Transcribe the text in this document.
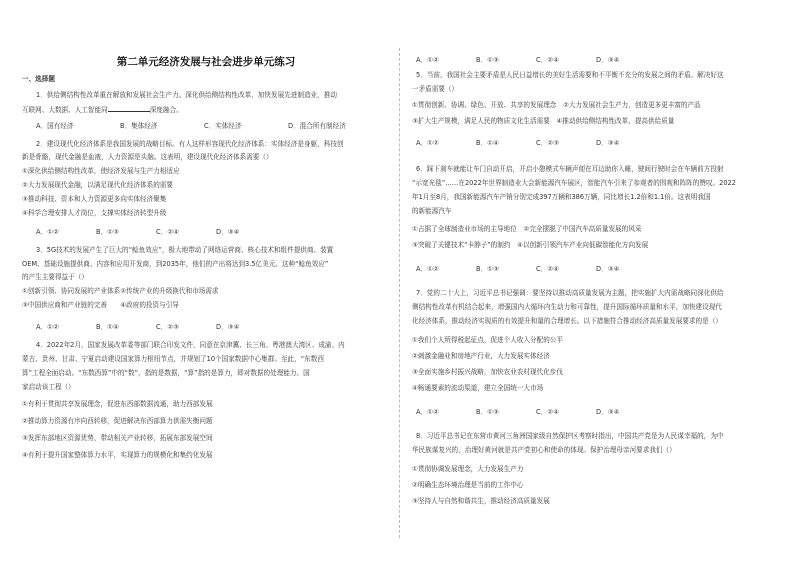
第二单元经济发展与社会进步单元练习
一、选择题
1．供给侧结构性改革重在解放和发展社会生产力。深化供给侧结构性改革，加快发展先进制造业，推动
互联网、大数据、人工智能同	深度融合。
A．国有经济	B．集体经济	C．实体经济	D．混合所有制经济
2．建设现代化经济体系是我国发展的战略目标。有人这样形容现代化经济体系：实体经济是身躯，科技创
新是骨骼，现代金融是血液，人力资源是头脑。这表明，建设现代化经济体系需要（）
①深化供给侧结构性改革，使经济发展与生产力相适应
②大力发展现代金融，以满足现代化经济体系的需要
③推动科技、资本和人力资源更多向实体经济聚集
④科学合理安排人才岗位，支撑实体经济转型升级
A．①②	B．①③	C．②④	D．③④
3．5G技术的发展产生了巨大的“鲶鱼效应”，极大地带动了网络运营商、核心技术和组件提供商、装置
OEM、基础设施提供商、内容和应用开发商，到2035年，他们的产出将达到3.5亿美元。这种“鲶鱼效应”
的产生主要得益于（）
①创新引领、协同发展的产业体系②传统产业的升级换代和市场需求
③中国供应商和产业链的完善　　④政府的投资与引导
A．①②	B．①④	C．②③	D．③④
4．2022年2月，国家发展改革委等部门联合印发文件，同意在京津冀、长三角、粤港澳大湾区、成渝、内
蒙古、贵州、甘肃、宁夏启动建设国家算力枢纽节点，并规划了10个国家数据中心集群。至此，“东数西
算”工程全面启动。“东数西算”中的“数”，指的是数据，“算”指的是算力，即对数据的处理能力。国
家启动该工程（）
①有利于贯彻共享发展理念，促进东西部数据流通，助力西部发展
②推动算力资源有序向西转移，促进解决东西部算力供需失衡问题
③发挥东部地区资源优势，带动相关产业转移，拓展东部发展空间
④有利于提升国家整体算力水平，实现算力的规模化和集约化发展
A．①②	B．①③	C．②④	D．③④
5．当前，我国社会主要矛盾是人民日益增长的美好生活需要和不平衡不充分的发展之间的矛盾。解决好这
一矛盾需要（）
①贯彻创新、协调、绿色、开放、共享的发展理念　②大力发展社会生产力，创造更多更丰富的产品
③扩大生产规模，满足人民的物质文化生活需要　④推动供给侧结构性改革，提高供给质量
A．①②	B．①④	C．②③	D．③④
6．踩下刹车就能让车门自动开启，开启小憩模式车辆声便在耳边助你入睡，驶间行驶时会在车辆前方投射
“示宽光毯”……在2022年世界制造业大会新能源汽车展区，智能汽车引来了参观者的围观和阵阵的赞叹。2022
年1月至8月，我国新能源汽车产销分别完成397万辆和386万辆，同比增长1.2倍和1.1倍。这表明我国
的新能源汽车
①占据了全球制造业市场的主导地位　②完全摆脱了中国汽车高质量发展的风采
③突破了关键技术“卡脖子”的制约　④以创新引领汽车产业向低碳智能化方向发展
A．①②	B．①③	C．②④	D．③④
7．党的二十大上，习近平总书记强调：要坚持以推动高质量发展为主题，把实施扩大内需战略同深化供给
侧结构性改革有机结合起来，增强国内大循环内生动力和可靠性，提升国际循环质量和水平，加快建设现代
化经济体系，推动经济实现质的有效提升和量的合理增长。以下措施符合推动经济高质量发展要求的是（）
①我们个人所得税起征点，促进个人收入分配的公平
②刺激金融业和房地产行业，大力发展实体经济
③全面实施乡村振兴战略，加快农业农村现代化步伐
④畅通要素的流动渠道，建立全国统一大市场
A．①②	B．①③	C．②④	D．③④
8．习近平总书记在东营市黄河三角洲国家级自然保护区考察时指出，中国共产党是为人民谋幸福的，为中
华民族谋复兴的，治理好黄河就是共产党初心和使命的体现。保护治理母亲河要求我们（）
①贯彻协调发展理念，大力发展生产力
②明确生态环境治理是当前的工作中心
③坚持人与自然和谐共生，推动经济高质量发展
